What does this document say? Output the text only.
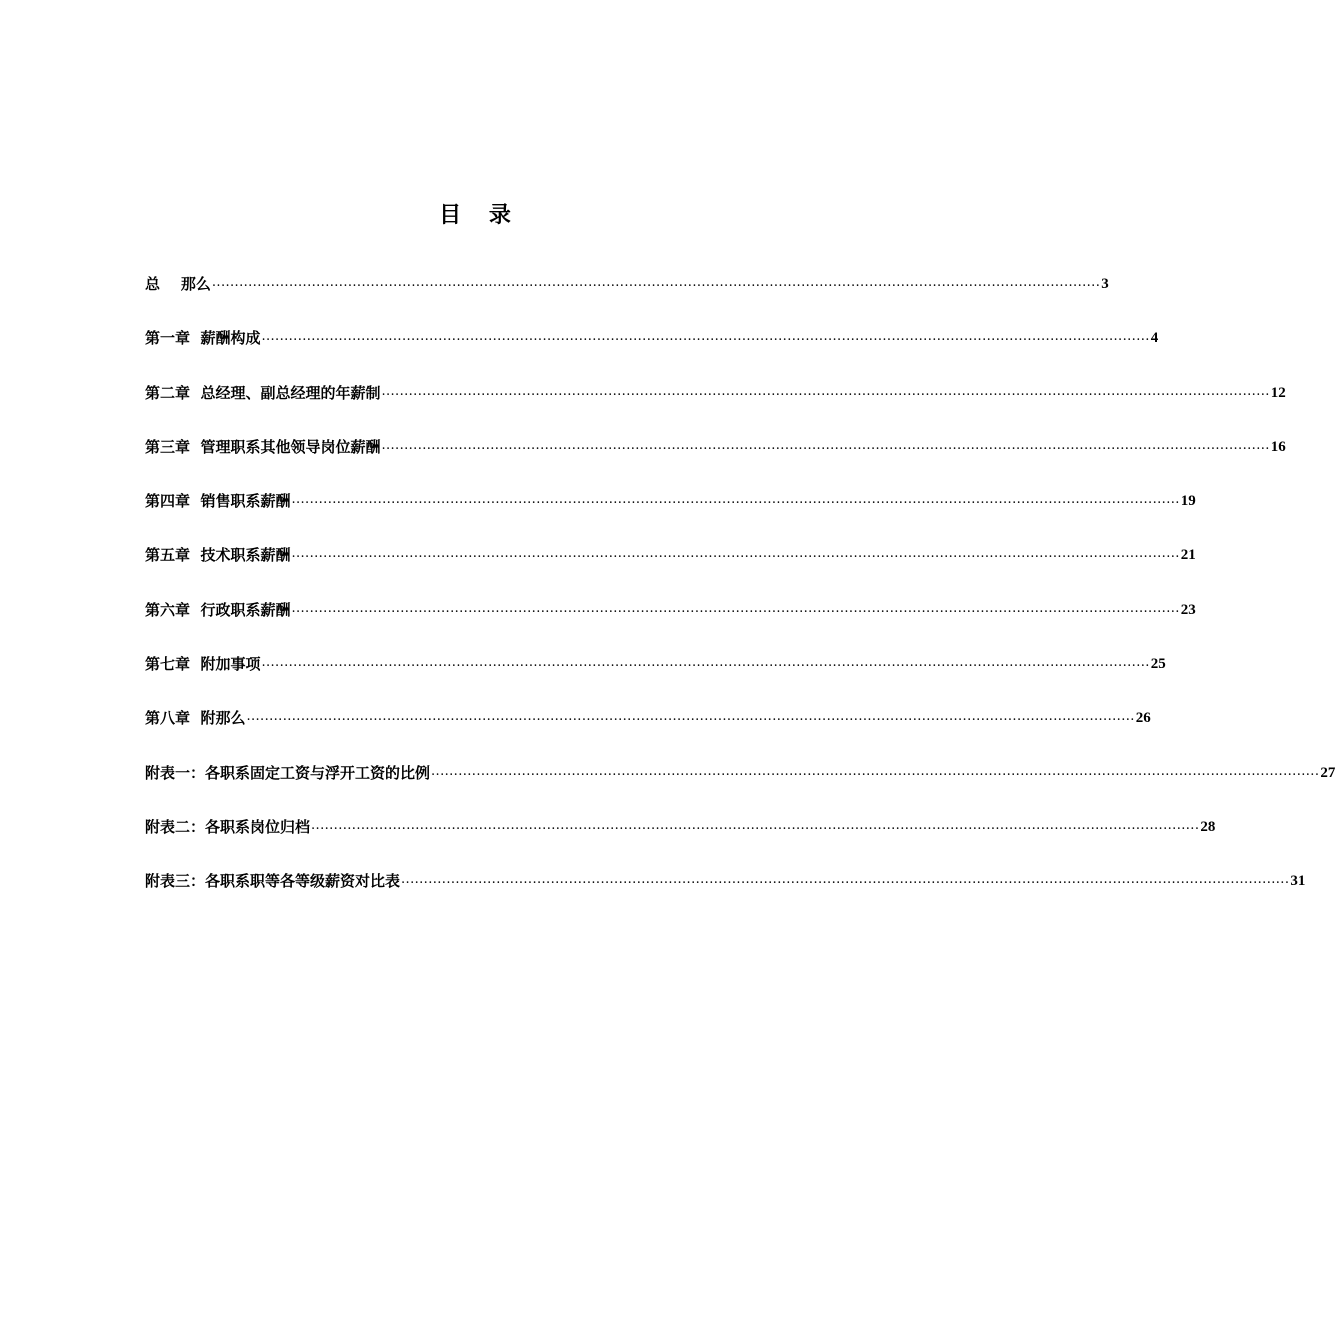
目 录
总    那么 .................................................................................................................................................................................................... 3
第一章  薪酬构成 .................................................................................................................................................................................................... 4
第二章  总经理、副总经理的年薪制 .................................................................................................................................................................................................... 12
第三章  管理职系其他领导岗位薪酬 .................................................................................................................................................................................................... 16
第四章  销售职系薪酬 .................................................................................................................................................................................................... 19
第五章  技术职系薪酬 .................................................................................................................................................................................................... 21
第六章  行政职系薪酬 .................................................................................................................................................................................................... 23
第七章  附加事项 .................................................................................................................................................................................................... 25
第八章  附那么 .................................................................................................................................................................................................... 26
附表一：各职系固定工资与浮开工资的比例 .................................................................................................................................................................................................... 27
附表二：各职系岗位归档 .................................................................................................................................................................................................... 28
附表三：各职系职等各等级薪资对比表 .................................................................................................................................................................................................... 31
